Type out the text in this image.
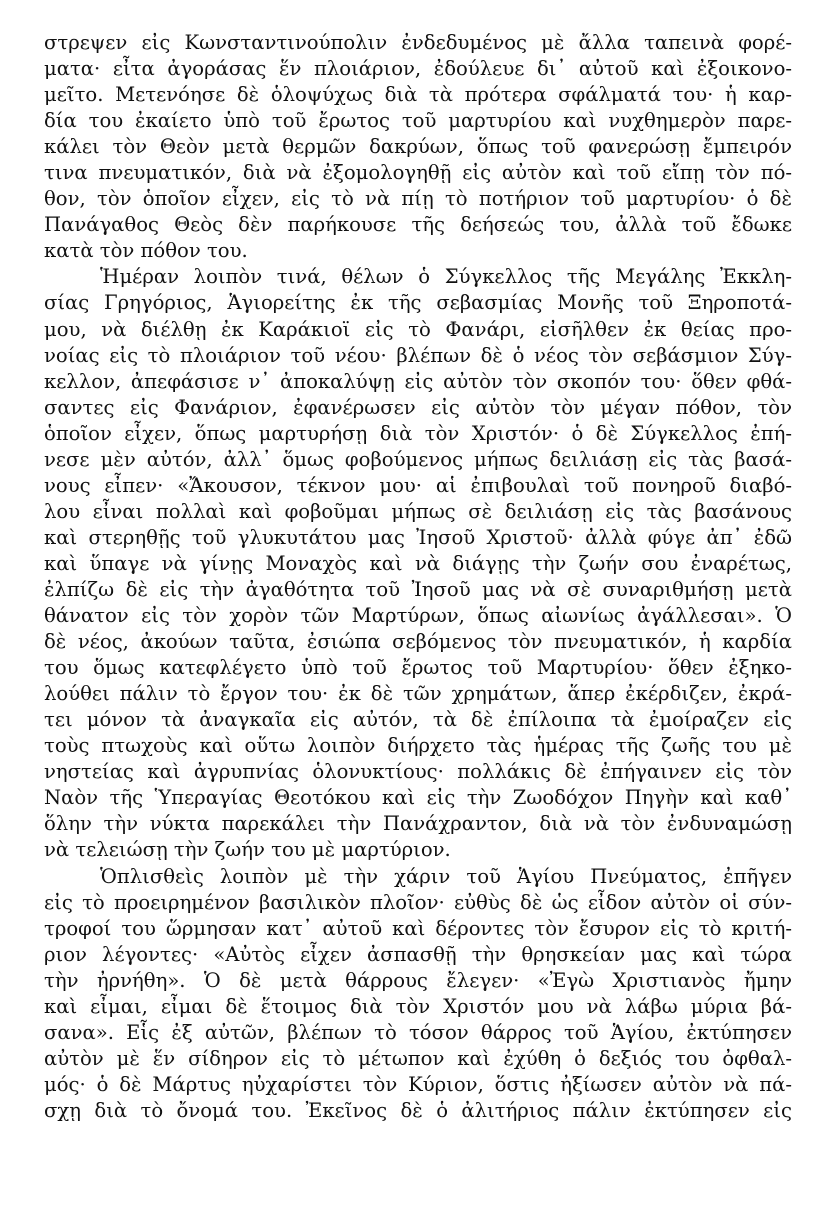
στρεψεν εἰς Κωνσταντινούπολιν ἐνδεδυμένος μὲ ἄλλα ταπεινὰ φορέ-
ματα· εἶτα ἀγοράσας ἕν πλοιάριον, ἐδούλευε δι᾽ αὐτοῦ καὶ ἐξοικονο-
μεῖτο. Μετενόησε δὲ ὁλοψύχως διὰ τὰ πρότερα σφάλματά του· ἡ καρ-
δία του ἐκαίετο ὑπὸ τοῦ ἔρωτος τοῦ μαρτυρίου καὶ νυχθημερὸν παρε-
κάλει τὸν Θεὸν μετὰ θερμῶν δακρύων, ὅπως τοῦ φανερώσῃ ἔμπειρόν
τινα πνευματικόν, διὰ νὰ ἐξομολογηθῇ εἰς αὐτὸν καὶ τοῦ εἴπῃ τὸν πό-
θον, τὸν ὁποῖον εἶχεν, εἰς τὸ νὰ πίῃ τὸ ποτήριον τοῦ μαρτυρίου· ὁ δὲ
Πανάγαθος Θεὸς δὲν παρήκουσε τῆς δεήσεώς του, ἀλλὰ τοῦ ἔδωκε
κατὰ τὸν πόθον του.
Ἡμέραν λοιπὸν τινά, θέλων ὁ Σύγκελλος τῆς Μεγάλης Ἐκκλη-
σίας Γρηγόριος, Ἁγιορείτης ἐκ τῆς σεβασμίας Μονῆς τοῦ Ξηροποτά-
μου, νὰ διέλθῃ ἐκ Καράκιοϊ εἰς τὸ Φανάρι, εἰσῆλθεν ἐκ θείας προ-
νοίας εἰς τὸ πλοιάριον τοῦ νέου· βλέπων δὲ ὁ νέος τὸν σεβάσμιον Σύγ-
κελλον, ἀπεφάσισε ν᾽ ἀποκαλύψῃ εἰς αὐτὸν τὸν σκοπόν του· ὅθεν φθά-
σαντες εἰς Φανάριον, ἐφανέρωσεν εἰς αὐτὸν τὸν μέγαν πόθον, τὸν
ὁποῖον εἶχεν, ὅπως μαρτυρήσῃ διὰ τὸν Χριστόν· ὁ δὲ Σύγκελλος ἐπή-
νεσε μὲν αὐτόν, ἀλλ᾽ ὅμως φοβούμενος μήπως δειλιάσῃ εἰς τὰς βασά-
νους εἶπεν· «Ἄκουσον, τέκνον μου· αἱ ἐπιβουλαὶ τοῦ πονηροῦ διαβό-
λου εἶναι πολλαὶ καὶ φοβοῦμαι μήπως σὲ δειλιάσῃ εἰς τὰς βασάνους
καὶ στερηθῇς τοῦ γλυκυτάτου μας Ἰησοῦ Χριστοῦ· ἀλλὰ φύγε ἀπ᾽ ἐδῶ
καὶ ὕπαγε νὰ γίνῃς Μοναχὸς καὶ νὰ διάγῃς τὴν ζωήν σου ἐναρέτως,
ἐλπίζω δὲ εἰς τὴν ἀγαθότητα τοῦ Ἰησοῦ μας νὰ σὲ συναριθμήσῃ μετὰ
θάνατον εἰς τὸν χορὸν τῶν Μαρτύρων, ὅπως αἰωνίως ἀγάλλεσαι». Ὁ
δὲ νέος, ἀκούων ταῦτα, ἐσιώπα σεβόμενος τὸν πνευματικόν, ἡ καρδία
του ὅμως κατεφλέγετο ὑπὸ τοῦ ἔρωτος τοῦ Μαρτυρίου· ὅθεν ἐξηκο-
λούθει πάλιν τὸ ἔργον του· ἐκ δὲ τῶν χρημάτων, ἅπερ ἐκέρδιζεν, ἐκρά-
τει μόνον τὰ ἀναγκαῖα εἰς αὐτόν, τὰ δὲ ἐπίλοιπα τὰ ἐμοίραζεν εἰς
τοὺς πτωχοὺς καὶ οὕτω λοιπὸν διήρχετο τὰς ἡμέρας τῆς ζωῆς του μὲ
νηστείας καὶ ἀγρυπνίας ὁλονυκτίους· πολλάκις δὲ ἐπήγαινεν εἰς τὸν
Ναὸν τῆς Ὑπεραγίας Θεοτόκου καὶ εἰς τὴν Ζωοδόχον Πηγὴν καὶ καθ᾽
ὅλην τὴν νύκτα παρεκάλει τὴν Πανάχραντον, διὰ νὰ τὸν ἐνδυναμώσῃ
νὰ τελειώσῃ τὴν ζωήν του μὲ μαρτύριον.
Ὁπλισθεὶς λοιπὸν μὲ τὴν χάριν τοῦ Ἁγίου Πνεύματος, ἐπῆγεν
εἰς τὸ προειρημένον βασιλικὸν πλοῖον· εὐθὺς δὲ ὡς εἶδον αὐτὸν οἱ σύν-
τροφοί του ὥρμησαν κατ᾽ αὐτοῦ καὶ δέροντες τὸν ἔσυρον εἰς τὸ κριτή-
ριον λέγοντες· «Αὐτὸς εἶχεν ἀσπασθῇ τὴν θρησκείαν μας καὶ τώρα
τὴν ἠρνήθη». Ὁ δὲ μετὰ θάρρους ἔλεγεν· «Ἐγὼ Χριστιανὸς ἤμην
καὶ εἶμαι, εἶμαι δὲ ἕτοιμος διὰ τὸν Χριστόν μου νὰ λάβω μύρια βά-
σανα». Εἷς ἐξ αὐτῶν, βλέπων τὸ τόσον θάρρος τοῦ Ἁγίου, ἐκτύπησεν
αὐτὸν μὲ ἕν σίδηρον εἰς τὸ μέτωπον καὶ ἐχύθη ὁ δεξιός του ὀφθαλ-
μός· ὁ δὲ Μάρτυς ηὐχαρίστει τὸν Κύριον, ὅστις ἠξίωσεν αὐτὸν νὰ πά-
σχῃ διὰ τὸ ὄνομά του. Ἐκεῖνος δὲ ὁ ἀλιτήριος πάλιν ἐκτύπησεν εἰς
